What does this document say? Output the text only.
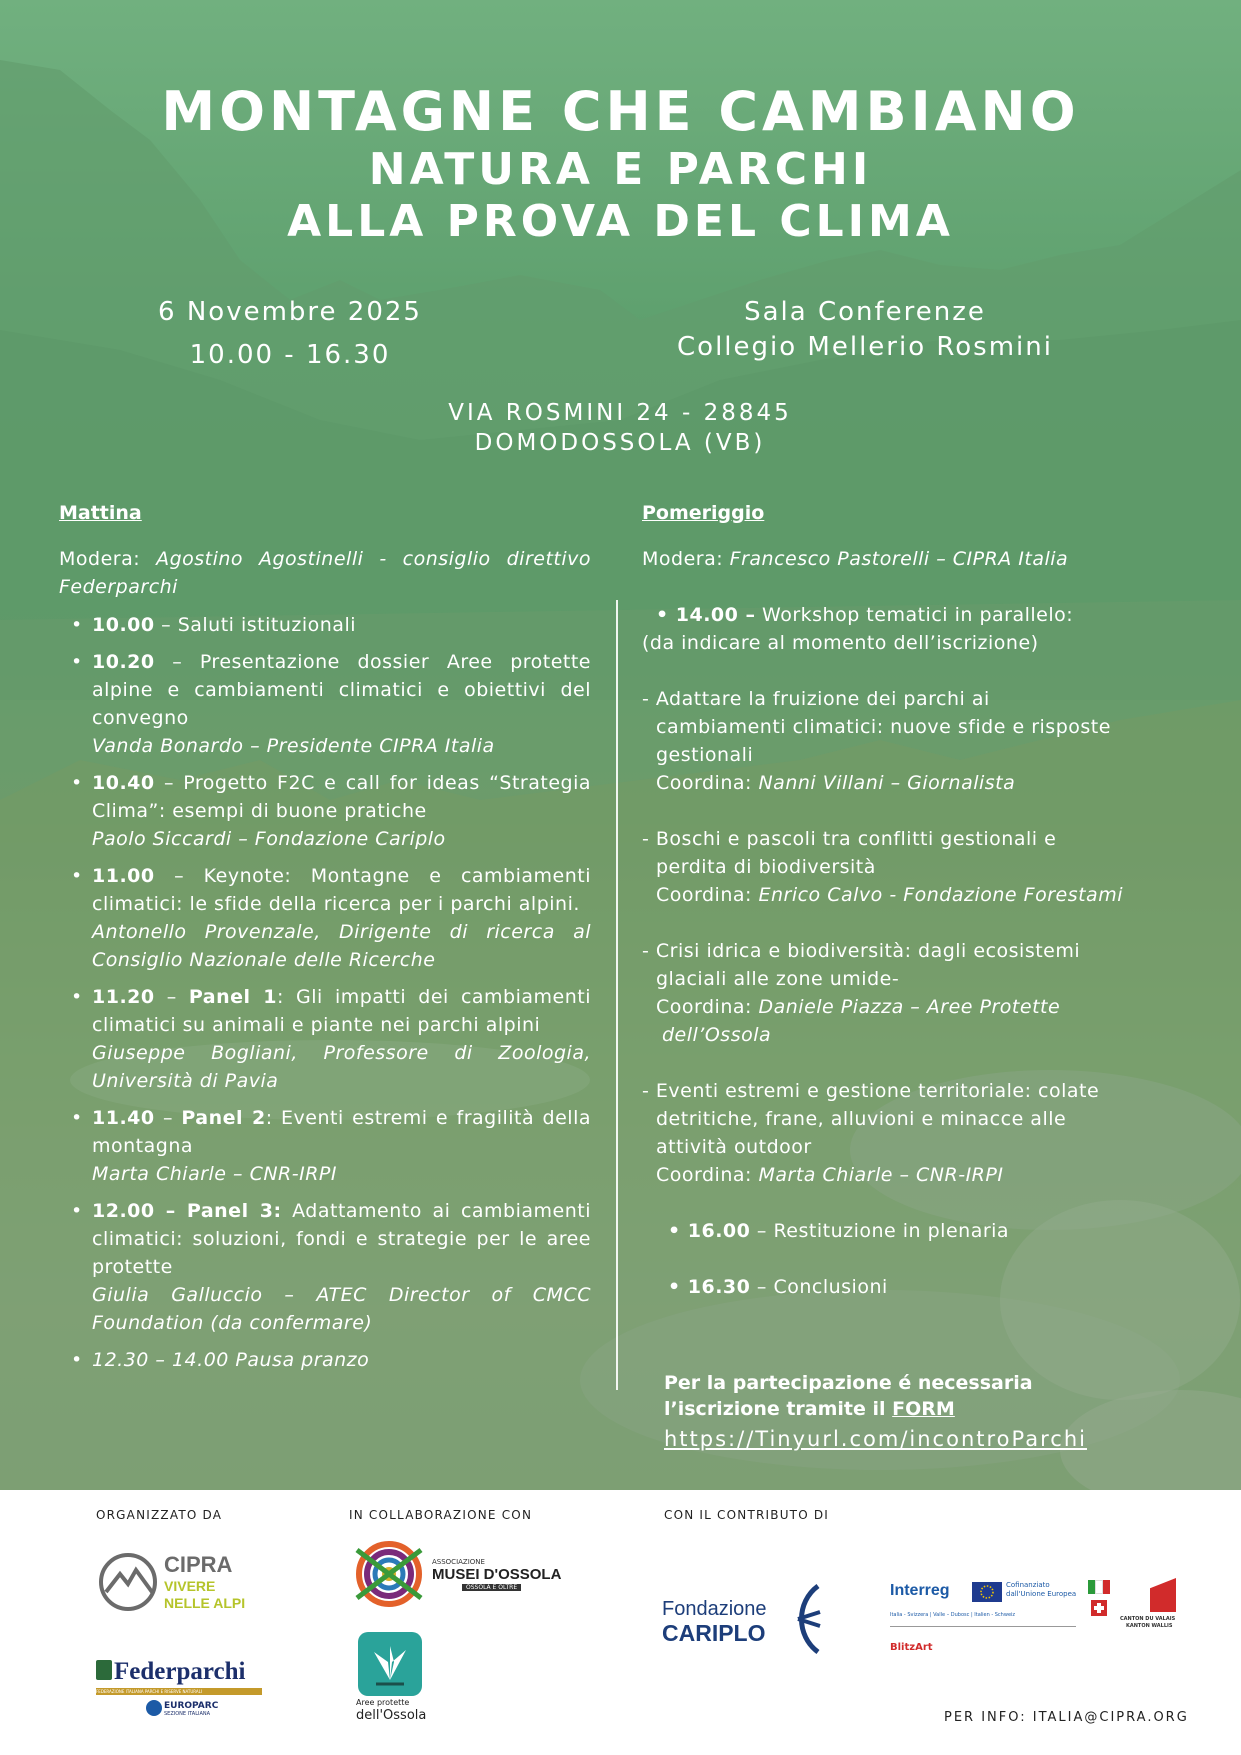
MONTAGNE CHE CAMBIANO
NATURA E PARCHI
ALLA PROVA DEL CLIMA
6 Novembre 2025
10.00 - 16.30
Sala Conferenze
Collegio Mellerio Rosmini
VIA ROSMINI 24 - 28845
DOMODOSSOLA (VB)
Mattina	Pomeriggio
Modera: Agostino Agostinelli - consiglio direttivo Federparchi
• 10.00 – Saluti istituzionali
• 10.20 – Presentazione dossier Aree protette alpine e cambiamenti climatici e obiettivi del convegno
Vanda Bonardo – Presidente CIPRA Italia
• 10.40 – Progetto F2C e call for ideas “Strategia Clima”: esempi di buone pratiche
Paolo Siccardi – Fondazione Cariplo
• 11.00 – Keynote: Montagne e cambiamenti climatici: le sfide della ricerca per i parchi alpini.
Antonello Provenzale, Dirigente di ricerca al Consiglio Nazionale delle Ricerche
• 11.20 – Panel 1: Gli impatti dei cambiamenti climatici su animali e piante nei parchi alpini
Giuseppe Bogliani, Professore di Zoologia, Università di Pavia
• 11.40 – Panel 2: Eventi estremi e fragilità della montagna
Marta Chiarle – CNR-IRPI
• 12.00 – Panel 3: Adattamento ai cambiamenti climatici: soluzioni, fondi e strategie per le aree protette
Giulia Galluccio – ATEC Director of CMCC Foundation (da confermare)
• 12.30 – 14.00 Pausa pranzo
Modera: Francesco Pastorelli – CIPRA Italia
• 14.00 – Workshop tematici in parallelo:
(da indicare al momento dell’iscrizione)
- Adattare la fruizione dei parchi ai
cambiamenti climatici: nuove sfide e risposte
gestionali
Coordina: Nanni Villani – Giornalista
- Boschi e pascoli tra conflitti gestionali e
perdita di biodiversità
Coordina: Enrico Calvo - Fondazione Forestami
- Crisi idrica e biodiversità: dagli ecosistemi
glaciali alle zone umide-
Coordina: Daniele Piazza – Aree Protette
dell’Ossola
- Eventi estremi e gestione territoriale: colate
detritiche, frane, alluvioni e minacce alle
attività outdoor
Coordina: Marta Chiarle – CNR-IRPI
• 16.00 – Restituzione in plenaria
• 16.30 – Conclusioni
Per la partecipazione é necessaria
l’iscrizione tramite il FORM
https://Tinyurl.com/incontroParchi
ORGANIZZATO DA	IN COLLABORAZIONE CON	CON IL CONTRIBUTO DI
CIPRA
VIVERE
NELLE ALPI
Federparchi
FEDERAZIONE ITALIANA PARCHI E RISERVE NATURALI
EUROPARC
SEZIONE ITALIANA
ASSOCIAZIONE
MUSEI D'OSSOLA
OSSOLA E OLTRE
Aree protette
dell'Ossola
Fondazione
CARIPLO
Interreg	Cofinanziato
dall'Unione Europea
Italia - Svizzera | Valle – Dubosc | Italien - Schweiz
BlitzArt
CANTON DU VALAIS
KANTON WALLIS
PER INFO: ITALIA@CIPRA.ORG
